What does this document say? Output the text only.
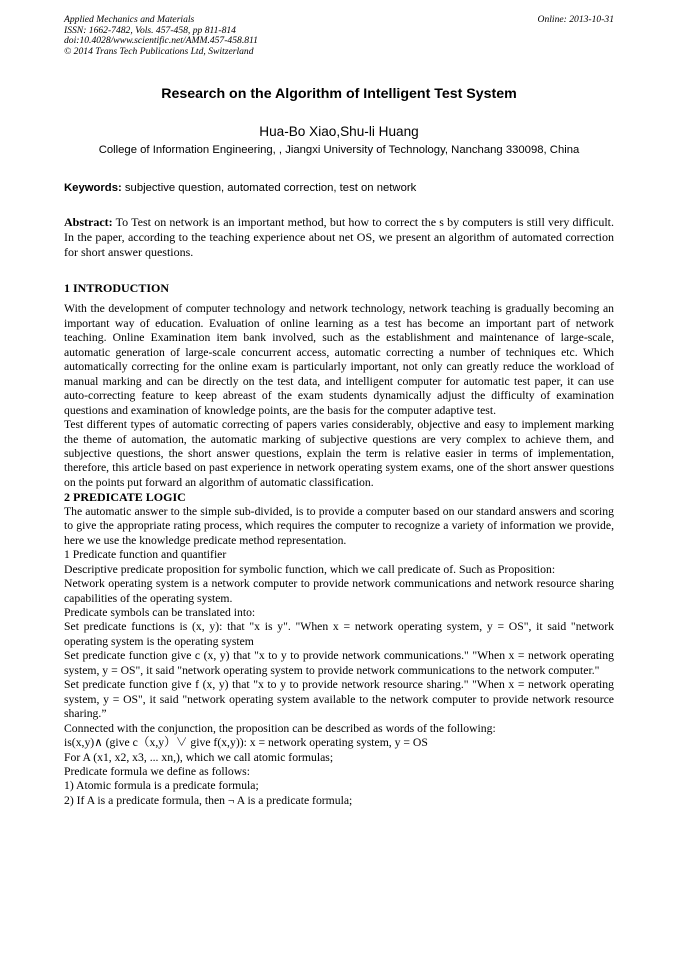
Applied Mechanics and Materials
ISSN: 1662-7482, Vols. 457-458, pp 811-814
doi:10.4028/www.scientific.net/AMM.457-458.811
© 2014 Trans Tech Publications Ltd, Switzerland
Online: 2013-10-31
Research on the Algorithm of Intelligent Test System
Hua-Bo Xiao,Shu-li Huang
College of Information Engineering, , Jiangxi University of Technology, Nanchang 330098, China
Keywords: subjective question, automated correction, test on network
Abstract: To Test on network is an important method, but how to correct the s by computers is still very difficult. In the paper, according to the teaching experience about net OS, we present an algorithm of automated correction for short answer questions.
1 INTRODUCTION

With the development of computer technology and network technology, network teaching is gradually becoming an important way of education. Evaluation of online learning as a test has become an important part of network teaching. Online Examination item bank involved, such as the establishment and maintenance of large-scale, automatic generation of large-scale concurrent access, automatic correcting a number of techniques etc. Which automatically correcting for the online exam is particularly important, not only can greatly reduce the workload of manual marking and can be directly on the test data, and intelligent computer for automatic test paper, it can use auto-correcting feature to keep abreast of the exam students dynamically adjust the difficulty of examination questions and examination of knowledge points, are the basis for the computer adaptive test.

Test different types of automatic correcting of papers varies considerably, objective and easy to implement marking the theme of automation, the automatic marking of subjective questions are very complex to achieve them, and subjective questions, the short answer questions, explain the term is relative easier in terms of implementation, therefore, this article based on past experience in network operating system exams, one of the short answer questions on the points put forward an algorithm of automatic classification.

2 PREDICATE LOGIC

The automatic answer to the simple sub-divided, is to provide a computer based on our standard answers and scoring to give the appropriate rating process, which requires the computer to recognize a variety of information we provide, here we use the knowledge predicate method representation.

1 Predicate function and quantifier

Descriptive predicate proposition for symbolic function, which we call predicate of. Such as Proposition:

Network operating system is a network computer to provide network communications and network resource sharing capabilities of the operating system.

Predicate symbols can be translated into:

Set predicate functions is (x, y): that "x is y". "When x = network operating system, y = OS", it said "network operating system is the operating system

Set predicate function give c (x, y) that "x to y to provide network communications." "When x = network operating system, y = OS", it said "network operating system to provide network communications to the network computer."

Set predicate function give f (x, y) that "x to y to provide network resource sharing." "When x = network operating system, y = OS", it said "network operating system available to the network computer to provide network resource sharing.”

Connected with the conjunction, the proposition can be described as words of the following:
is(x,y)∧ (give c（x,y）∨ give f(x,y)): x = network operating system, y = OS
For A (x1, x2, x3, ... xn,), which we call atomic formulas;
Predicate formula we define as follows:
1) Atomic formula is a predicate formula;
2) If A is a predicate formula, then ¬ A is a predicate formula;
